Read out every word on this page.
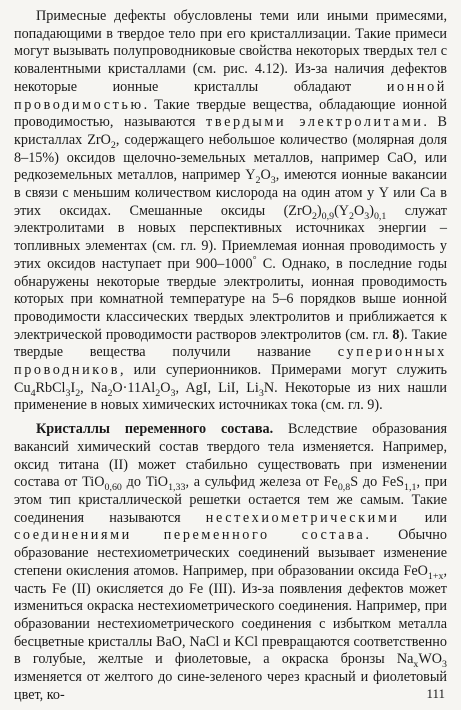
Примесные дефекты обусловлены теми или иными примесями, попадающими в твердое тело при его кристаллизации. Такие примеси могут вызывать полупроводниковые свойства некоторых твердых тел с ковалентными кристаллами (см. рис. 4.12). Из-за наличия дефектов некоторые ионные кристаллы обладают ионной проводимостью. Такие твердые вещества, обладающие ионной проводимостью, называются твердыми электролитами. В кристаллах ZrO$_2$, содержащего небольшое количество (молярная доля 8–15%) оксидов щелочно-земельных металлов, например CaO, или редкоземельных металлов, например $Y_2O_3$, имеются ионные вакансии в связи с меньшим количеством кислорода на один атом у Y или Ca в этих оксидах. Смешанные оксиды $(ZrO_2)_{0,9}(Y_2O_3)_{0,1}$ служат электролитами в новых перспективных источниках энергии – топливных элементах (см. гл. 9). Приемлемая ионная проводимость у этих оксидов наступает при 900–1000° С. Однако, в последние годы обнаружены некоторые твердые электролиты, ионная проводимость которых при комнатной температуре на 5–6 порядков выше ионной проводимости классических твердых электролитов и приближается к электрической проводимости растворов электролитов (см. гл. 8). Такие твердые вещества получили название суперионных проводников, или суперионников. Примерами могут служить $Cu_4RbCl_3I_2$, $Na_2O\cdot 11Al_2O_3$, AgI, LiI, $Li_3N$. Некоторые из них нашли применение в новых химических источниках тока (см. гл. 9).

Кристаллы переменного состава. Вследствие образования вакансий химический состав твердого тела изменяется. Например, оксид титана (II) может стабильно существовать при изменении состава от TiO$_{0,60}$ до TiO$_{1,33}$, а сульфид железа от $Fe_{0,8}S$ до FeS$_{1,1}$, при этом тип кристаллической решетки остается тем же самым. Такие соединения называются нестехиометрическими или соединениями переменного состава. Обычно образование нестехиометрических соединений вызывает изменение степени окисления атомов. Например, при образовании оксида FeO$_{1+x}$, часть Fe (II) окисляется до Fe (III). Из-за появления дефектов может измениться окраска нестехиометрического соединения. Например, при образовании нестехиометрического соединения с избытком металла бесцветные кристаллы BaO, NaCl и KCl превращаются соответственно в голубые, желтые и фиолетовые, а окраска бронзы $Na_xWO_3$ изменяется от желтого до сине-зеленого через красный и фиолетовый цвет, ко-	111
